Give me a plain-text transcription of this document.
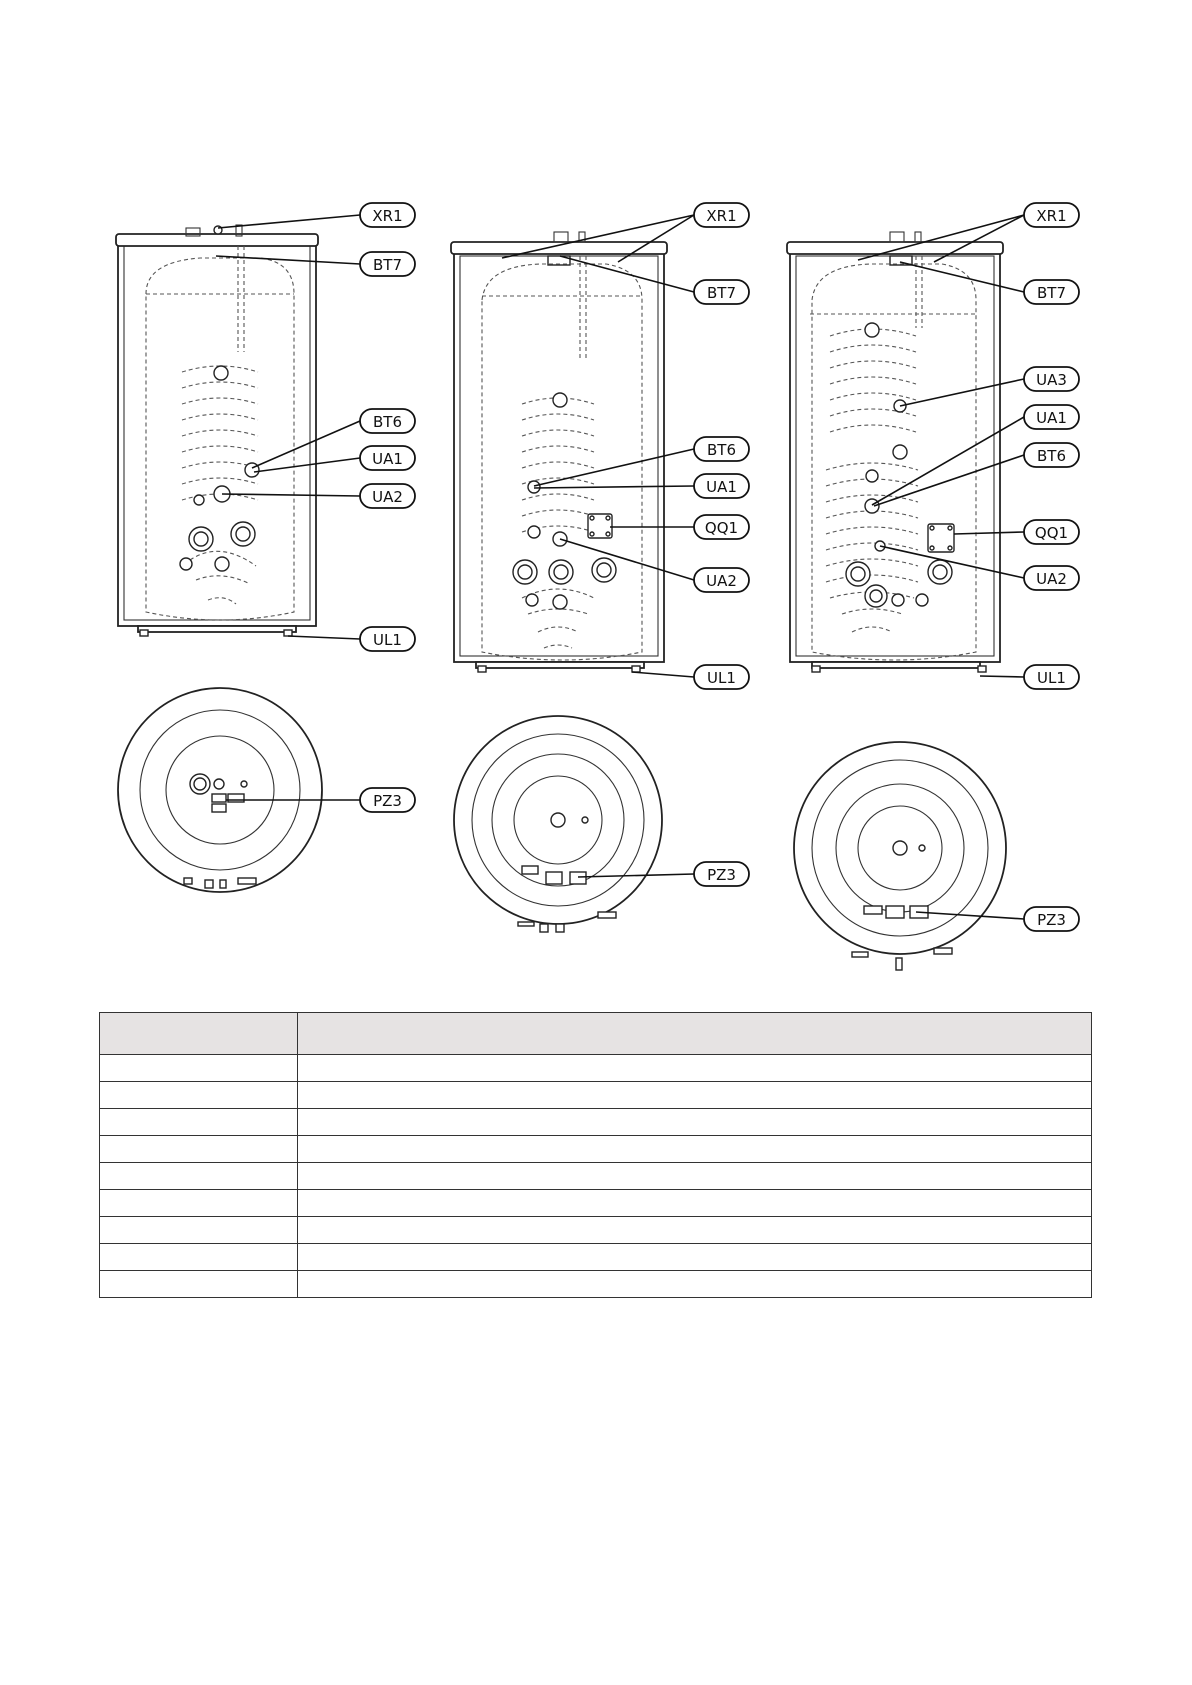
XR1
BT7
BT6
UA1
UA2
UL1
PZ3
XR1
BT7
BT6
UA1
QQ1
UA2
UL1
PZ3
XR1
BT7
UA3
UA1
BT6
QQ1
UA2
UL1
PZ3
